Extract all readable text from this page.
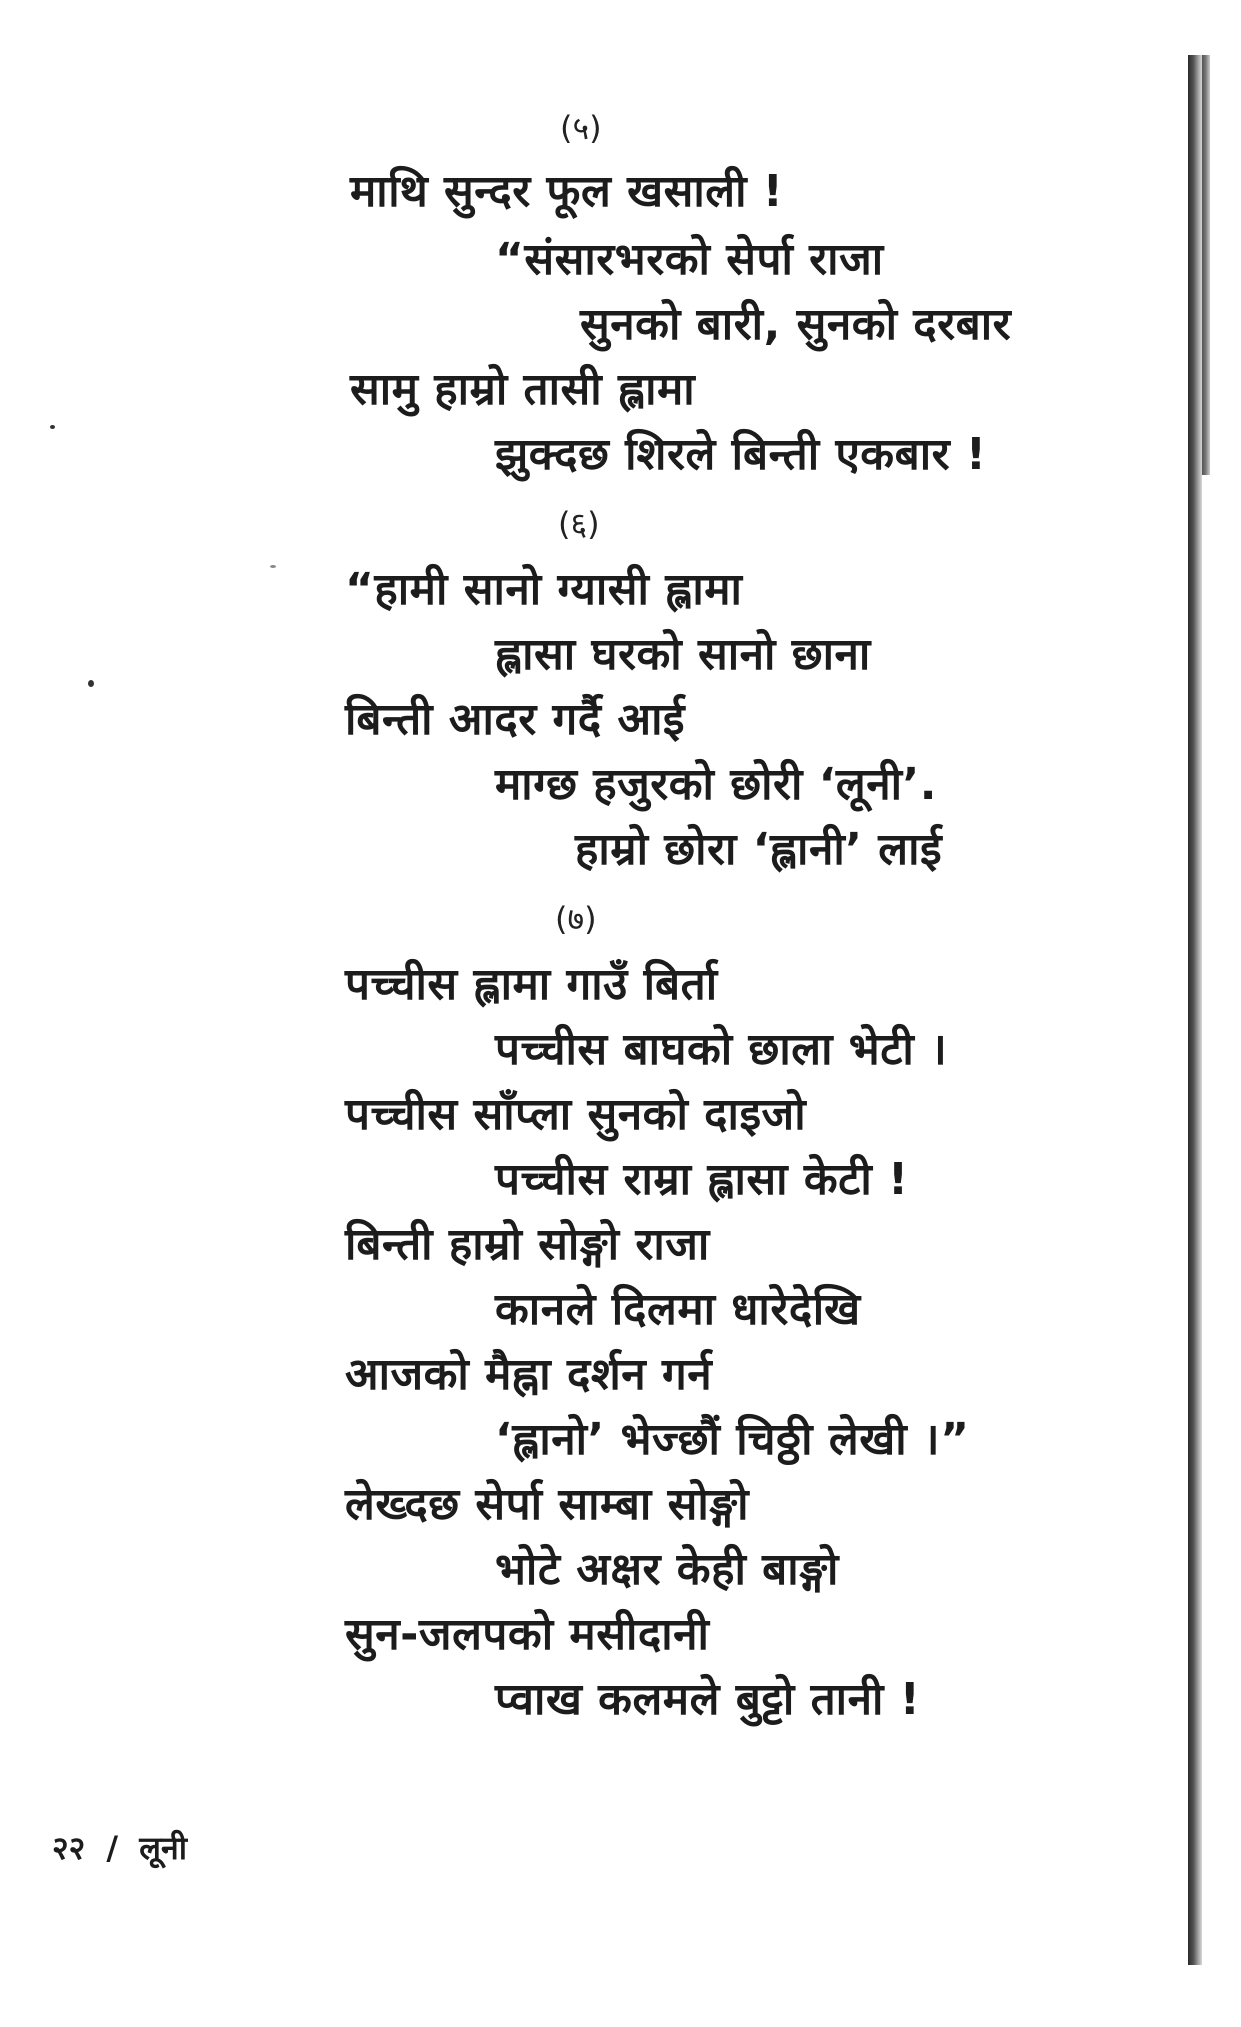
(५)
माथि सुन्दर फूल खसाली !
“संसारभरको सेर्पा राजा
सुनको बारी, सुनको दरबार
सामु हाम्रो तासी ह्लामा
झुक्दछ शिरले बिन्ती एकबार !
(६)
“हामी सानो ग्यासी ह्लामा
ह्लासा घरको सानो छाना
बिन्ती आदर गर्दै आई
माग्छ हजुरको छोरी ‘लूनी’.
हाम्रो छोरा ‘ह्लानी’ लाई
(७)
पच्चीस ह्लामा गाउँ बिर्ता
पच्चीस बाघको छाला भेटी ।
पच्चीस साँप्ला सुनको दाइजो
पच्चीस राम्रा ह्लासा केटी !
बिन्ती हाम्रो सोङ्गो राजा
कानले दिलमा धारेदेखि
आजको मैह्ना दर्शन गर्न
‘ह्लानो’ भेज्छौं चिठ्ठी लेखी ।”
लेख्दछ सेर्पा साम्बा सोङ्गो
भोटे अक्षर केही बाङ्गो
सुन-जलपको मसीदानी
प्वाख कलमले बुट्टो तानी !
२२ / लूनी
